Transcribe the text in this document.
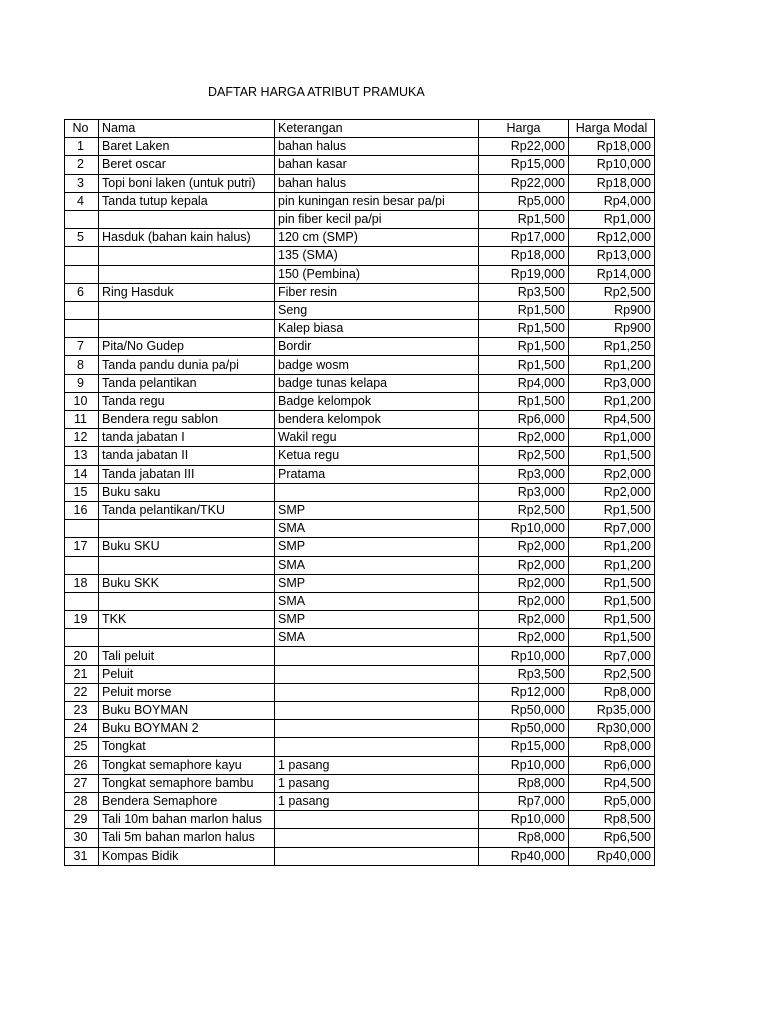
DAFTAR HARGA ATRIBUT PRAMUKA
No	Nama	Keterangan	Harga	Harga Modal
1	Baret Laken	bahan halus	Rp22,000	Rp18,000
2	Beret oscar	bahan kasar	Rp15,000	Rp10,000
3	Topi boni laken (untuk putri)	bahan halus	Rp22,000	Rp18,000
4	Tanda tutup kepala	pin kuningan resin besar pa/pi	Rp5,000	Rp4,000
		pin fiber kecil pa/pi	Rp1,500	Rp1,000
5	Hasduk (bahan kain halus)	120 cm (SMP)	Rp17,000	Rp12,000
		135 (SMA)	Rp18,000	Rp13,000
		150 (Pembina)	Rp19,000	Rp14,000
6	Ring Hasduk	Fiber resin	Rp3,500	Rp2,500
		Seng	Rp1,500	Rp900
		Kalep biasa	Rp1,500	Rp900
7	Pita/No Gudep	Bordir	Rp1,500	Rp1,250
8	Tanda pandu dunia pa/pi	badge wosm	Rp1,500	Rp1,200
9	Tanda pelantikan	badge tunas kelapa	Rp4,000	Rp3,000
10	Tanda regu	Badge kelompok	Rp1,500	Rp1,200
11	Bendera regu sablon	bendera kelompok	Rp6,000	Rp4,500
12	tanda jabatan I	Wakil regu	Rp2,000	Rp1,000
13	tanda jabatan II	Ketua regu	Rp2,500	Rp1,500
14	Tanda jabatan III	Pratama	Rp3,000	Rp2,000
15	Buku saku		Rp3,000	Rp2,000
16	Tanda pelantikan/TKU	SMP	Rp2,500	Rp1,500
		SMA	Rp10,000	Rp7,000
17	Buku SKU	SMP	Rp2,000	Rp1,200
		SMA	Rp2,000	Rp1,200
18	Buku SKK	SMP	Rp2,000	Rp1,500
		SMA	Rp2,000	Rp1,500
19	TKK	SMP	Rp2,000	Rp1,500
		SMA	Rp2,000	Rp1,500
20	Tali peluit		Rp10,000	Rp7,000
21	Peluit		Rp3,500	Rp2,500
22	Peluit morse		Rp12,000	Rp8,000
23	Buku BOYMAN		Rp50,000	Rp35,000
24	Buku BOYMAN 2		Rp50,000	Rp30,000
25	Tongkat		Rp15,000	Rp8,000
26	Tongkat semaphore kayu	1 pasang	Rp10,000	Rp6,000
27	Tongkat semaphore bambu	1 pasang	Rp8,000	Rp4,500
28	Bendera Semaphore	1 pasang	Rp7,000	Rp5,000
29	Tali 10m bahan marlon halus		Rp10,000	Rp8,500
30	Tali 5m bahan marlon halus		Rp8,000	Rp6,500
31	Kompas Bidik		Rp40,000	Rp40,000
